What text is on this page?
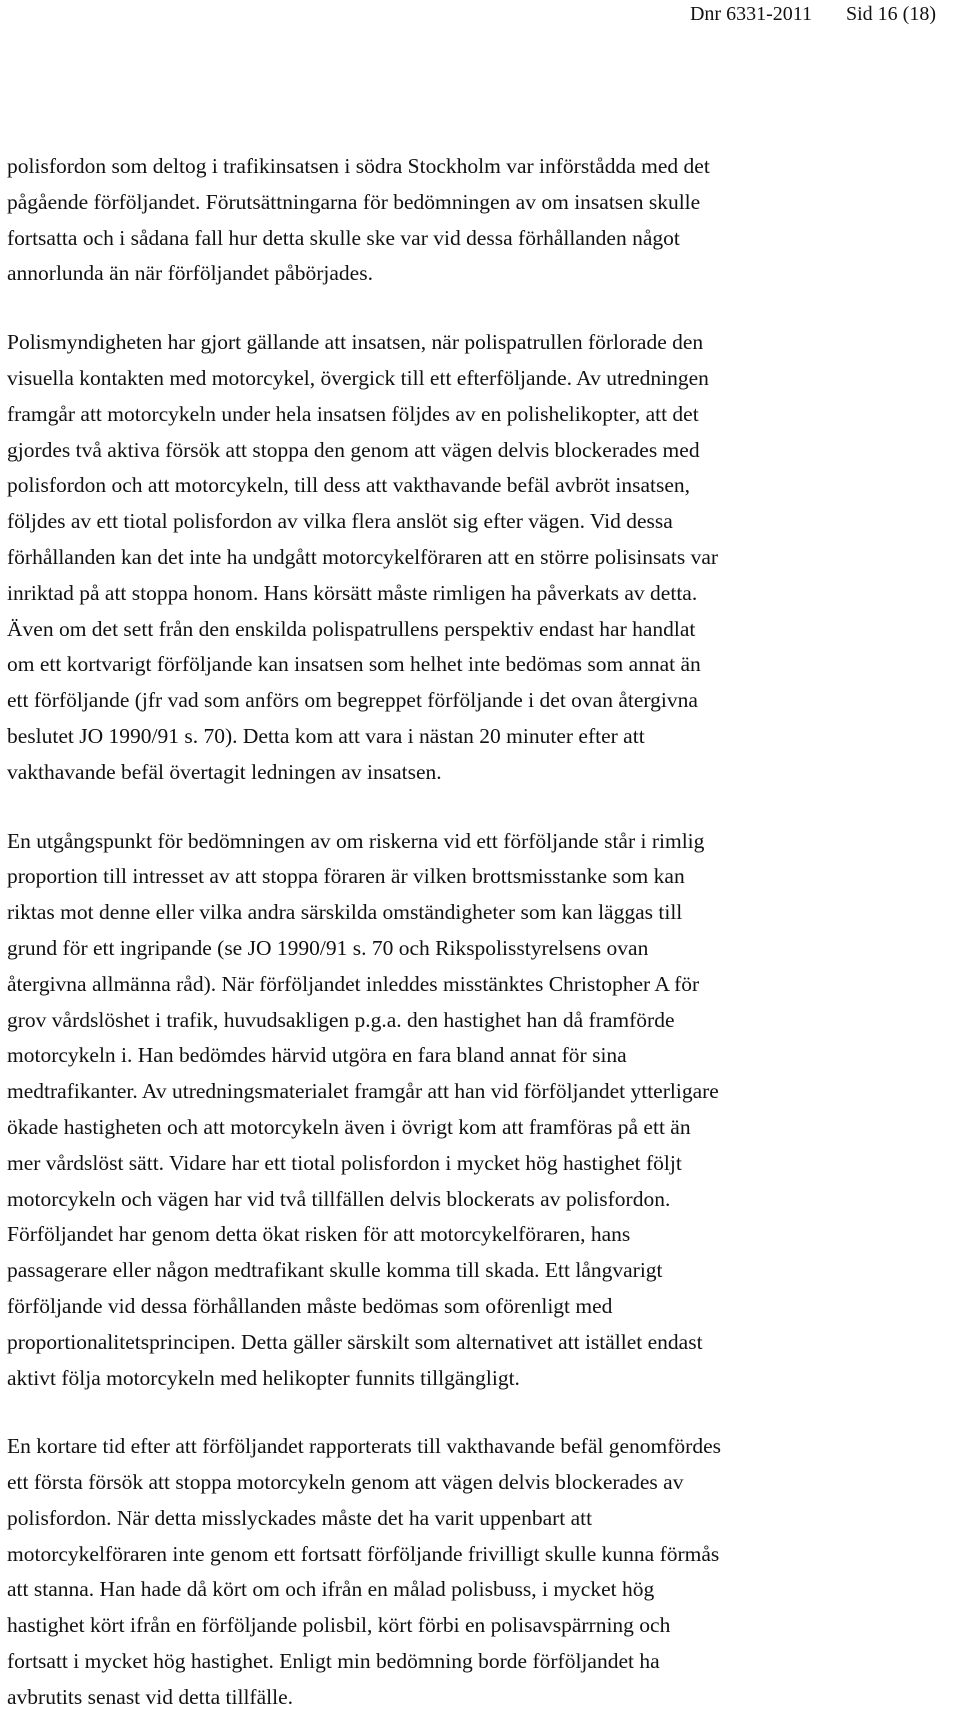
Dnr 6331-2011 Sid 16 (18)

polisfordon som deltog i trafikinsatsen i södra Stockholm var införstådda med det
pågående förföljandet. Förutsättningarna för bedömningen av om insatsen skulle
fortsatta och i sådana fall hur detta skulle ske var vid dessa förhållanden något
annorlunda än när förföljandet påbörjades.

Polismyndigheten har gjort gällande att insatsen, när polispatrullen förlorade den
visuella kontakten med motorcykel, övergick till ett efterföljande. Av utredningen
framgår att motorcykeln under hela insatsen följdes av en polishelikopter, att det
gjordes två aktiva försök att stoppa den genom att vägen delvis blockerades med
polisfordon och att motorcykeln, till dess att vakthavande befäl avbröt insatsen,
följdes av ett tiotal polisfordon av vilka flera anslöt sig efter vägen. Vid dessa
förhållanden kan det inte ha undgått motorcykelföraren att en större polisinsats var
inriktad på att stoppa honom. Hans körsätt måste rimligen ha påverkats av detta.
Även om det sett från den enskilda polispatrullens perspektiv endast har handlat
om ett kortvarigt förföljande kan insatsen som helhet inte bedömas som annat än
ett förföljande (jfr vad som anförs om begreppet förföljande i det ovan återgivna
beslutet JO 1990/91 s. 70). Detta kom att vara i nästan 20 minuter efter att
vakthavande befäl övertagit ledningen av insatsen.

En utgångspunkt för bedömningen av om riskerna vid ett förföljande står i rimlig
proportion till intresset av att stoppa föraren är vilken brottsmisstanke som kan
riktas mot denne eller vilka andra särskilda omständigheter som kan läggas till
grund för ett ingripande (se JO 1990/91 s. 70 och Rikspolisstyrelsens ovan
återgivna allmänna råd). När förföljandet inleddes misstänktes Christopher A för
grov vårdslöshet i trafik, huvudsakligen p.g.a. den hastighet han då framförde
motorcykeln i. Han bedömdes härvid utgöra en fara bland annat för sina
medtrafikanter. Av utredningsmaterialet framgår att han vid förföljandet ytterligare
ökade hastigheten och att motorcykeln även i övrigt kom att framföras på ett än
mer vårdslöst sätt. Vidare har ett tiotal polisfordon i mycket hög hastighet följt
motorcykeln och vägen har vid två tillfällen delvis blockerats av polisfordon.
Förföljandet har genom detta ökat risken för att motorcykelföraren, hans
passagerare eller någon medtrafikant skulle komma till skada. Ett långvarigt
förföljande vid dessa förhållanden måste bedömas som oförenligt med
proportionalitetsprincipen. Detta gäller särskilt som alternativet att istället endast
aktivt följa motorcykeln med helikopter funnits tillgängligt.

En kortare tid efter att förföljandet rapporterats till vakthavande befäl genomfördes
ett första försök att stoppa motorcykeln genom att vägen delvis blockerades av
polisfordon. När detta misslyckades måste det ha varit uppenbart att
motorcykelföraren inte genom ett fortsatt förföljande frivilligt skulle kunna förmås
att stanna. Han hade då kört om och ifrån en målad polisbuss, i mycket hög
hastighet kört ifrån en förföljande polisbil, kört förbi en polisavspärrning och
fortsatt i mycket hög hastighet. Enligt min bedömning borde förföljandet ha
avbrutits senast vid detta tillfälle.
